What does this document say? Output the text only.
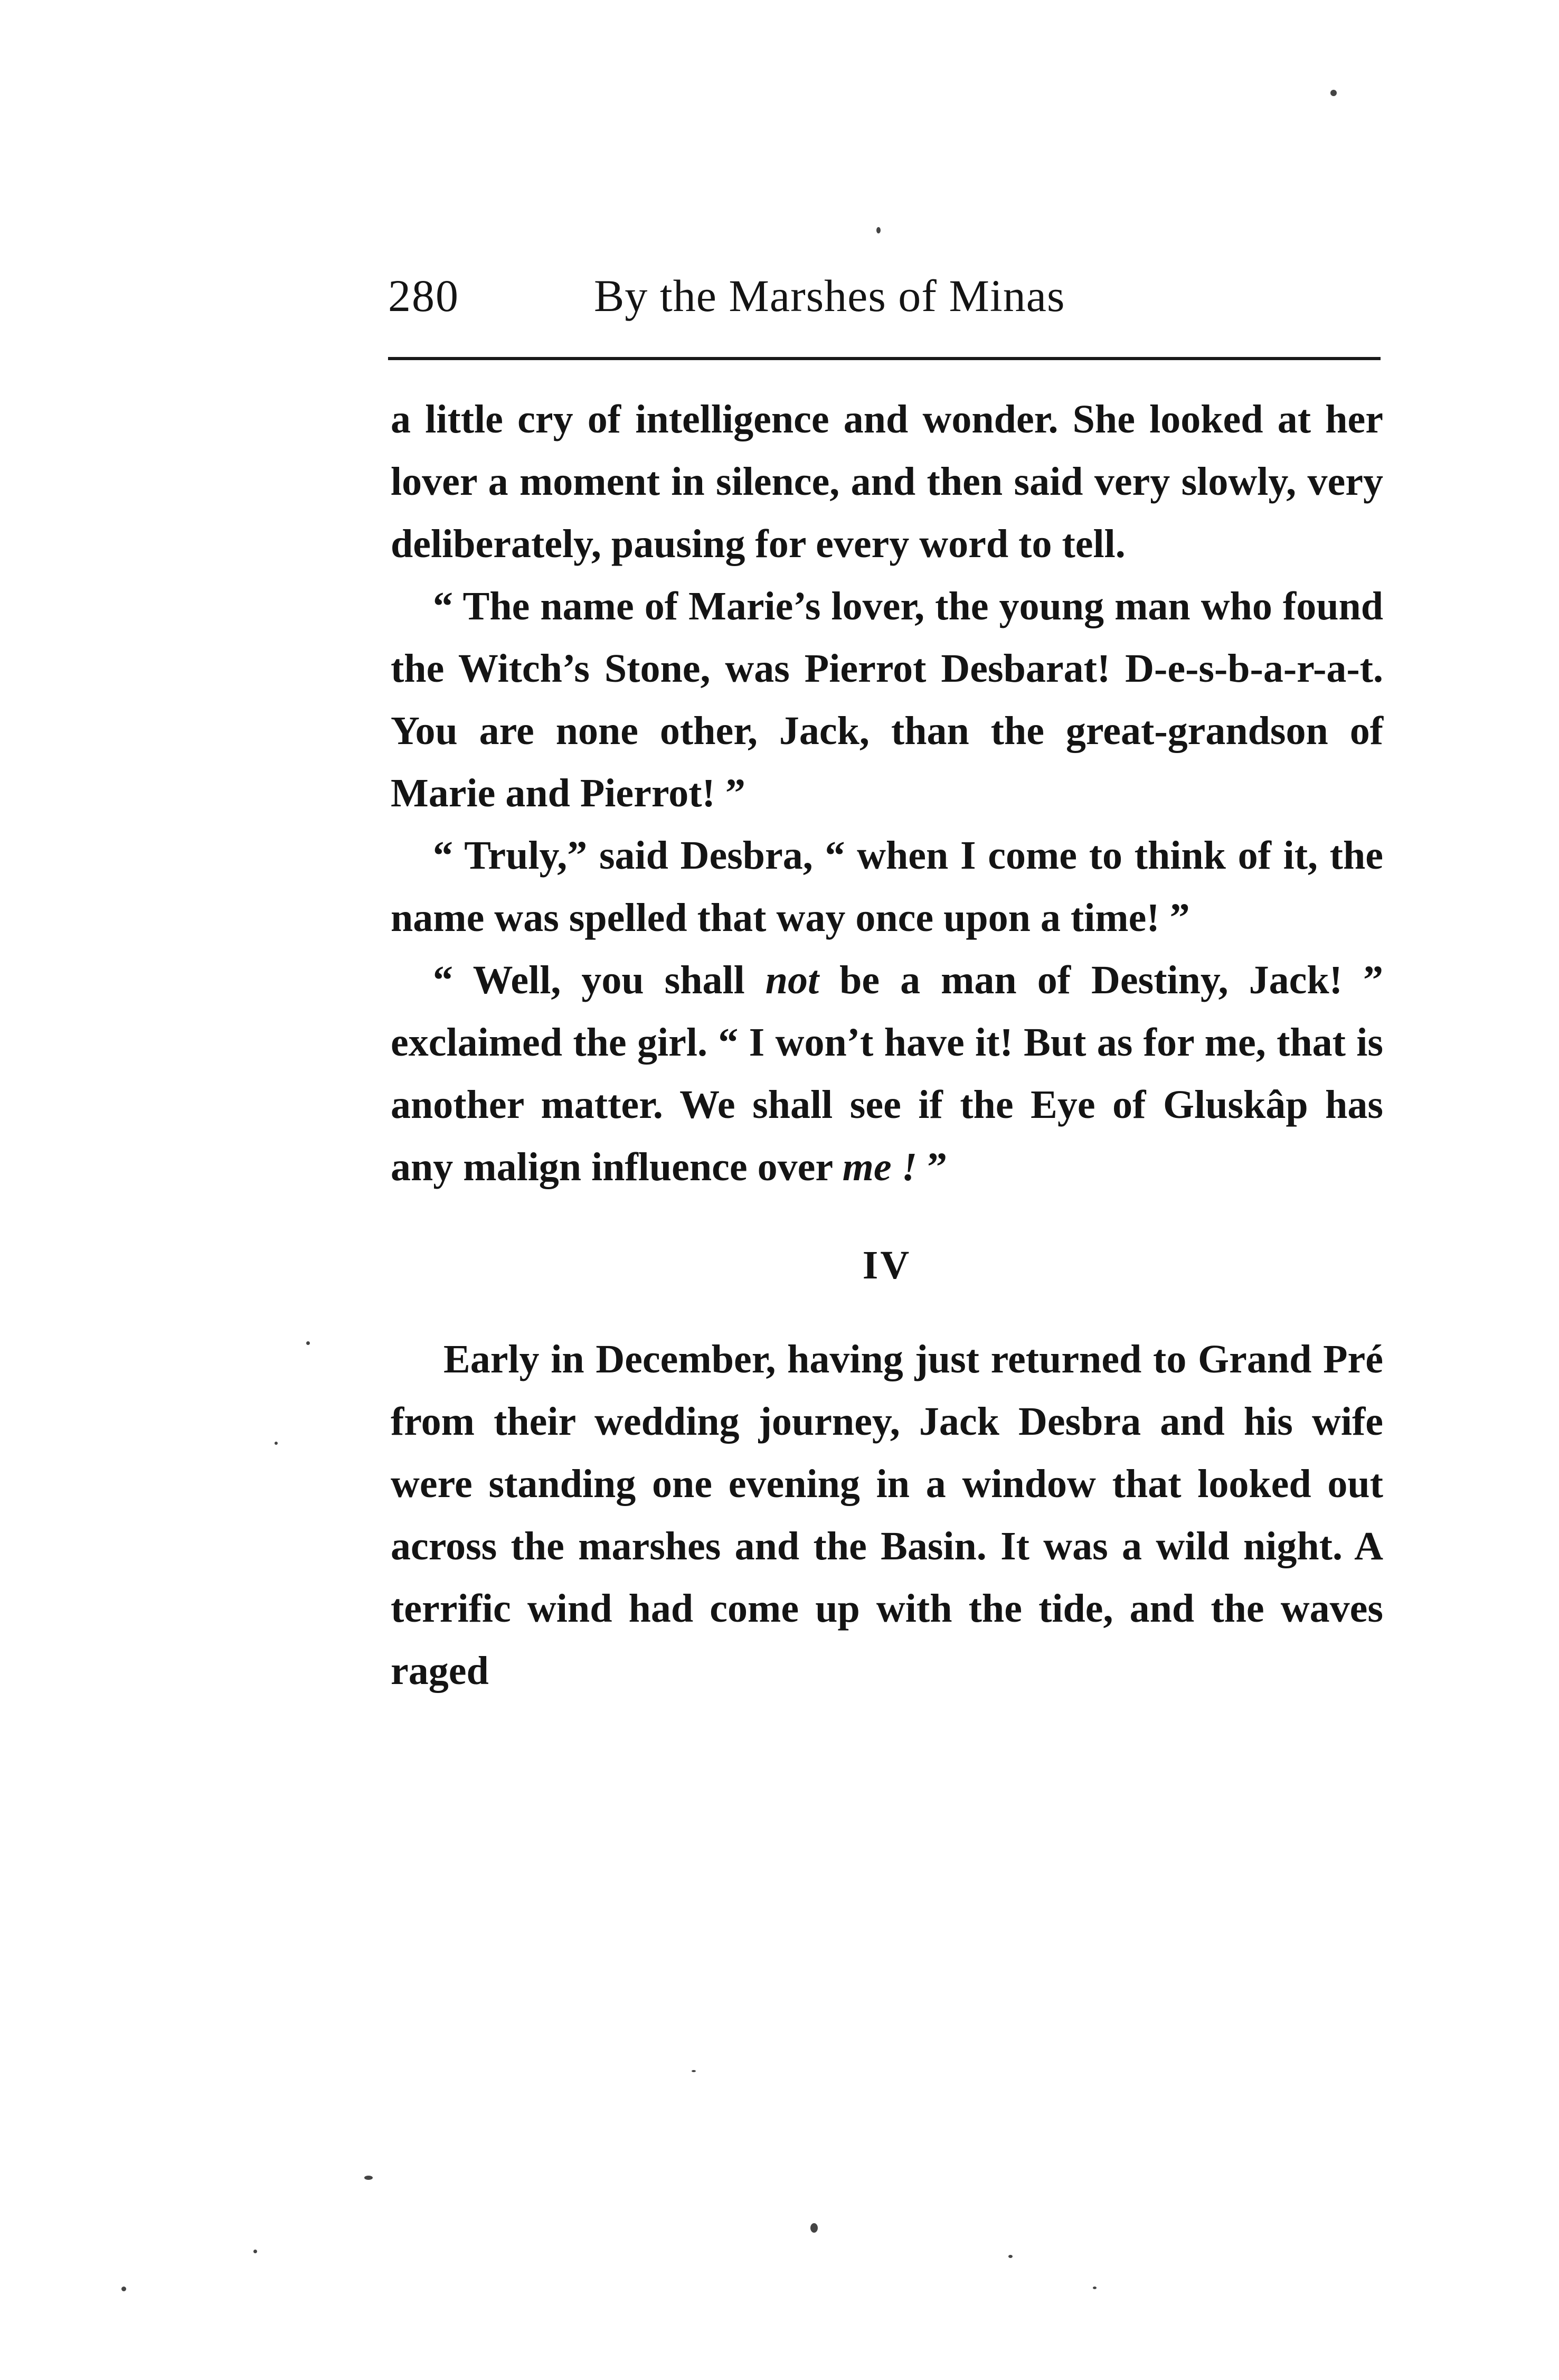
280	By the Marshes of Minas

a little cry of intelligence and wonder. She looked at her lover a moment in silence, and then said very slowly, very deliberately, pausing for every word to tell.

“ The name of Marie’s lover, the young man who found the Witch’s Stone, was Pierrot Desbarat! D-e-s-b-a-r-a-t. You are none other, Jack, than the great-grandson of Marie and Pierrot! ”

“ Truly,” said Desbra, “ when I come to think of it, the name was spelled that way once upon a time! ”

“ Well, you shall not be a man of Destiny, Jack! ” exclaimed the girl. “ I won’t have it! But as for me, that is another matter. We shall see if the Eye of Gluskâp has any malign influence over me ! ”

IV

Early in December, having just returned to Grand Pré from their wedding journey, Jack Desbra and his wife were standing one evening in a window that looked out across the marshes and the Basin. It was a wild night. A terrific wind had come up with the tide, and the waves raged
